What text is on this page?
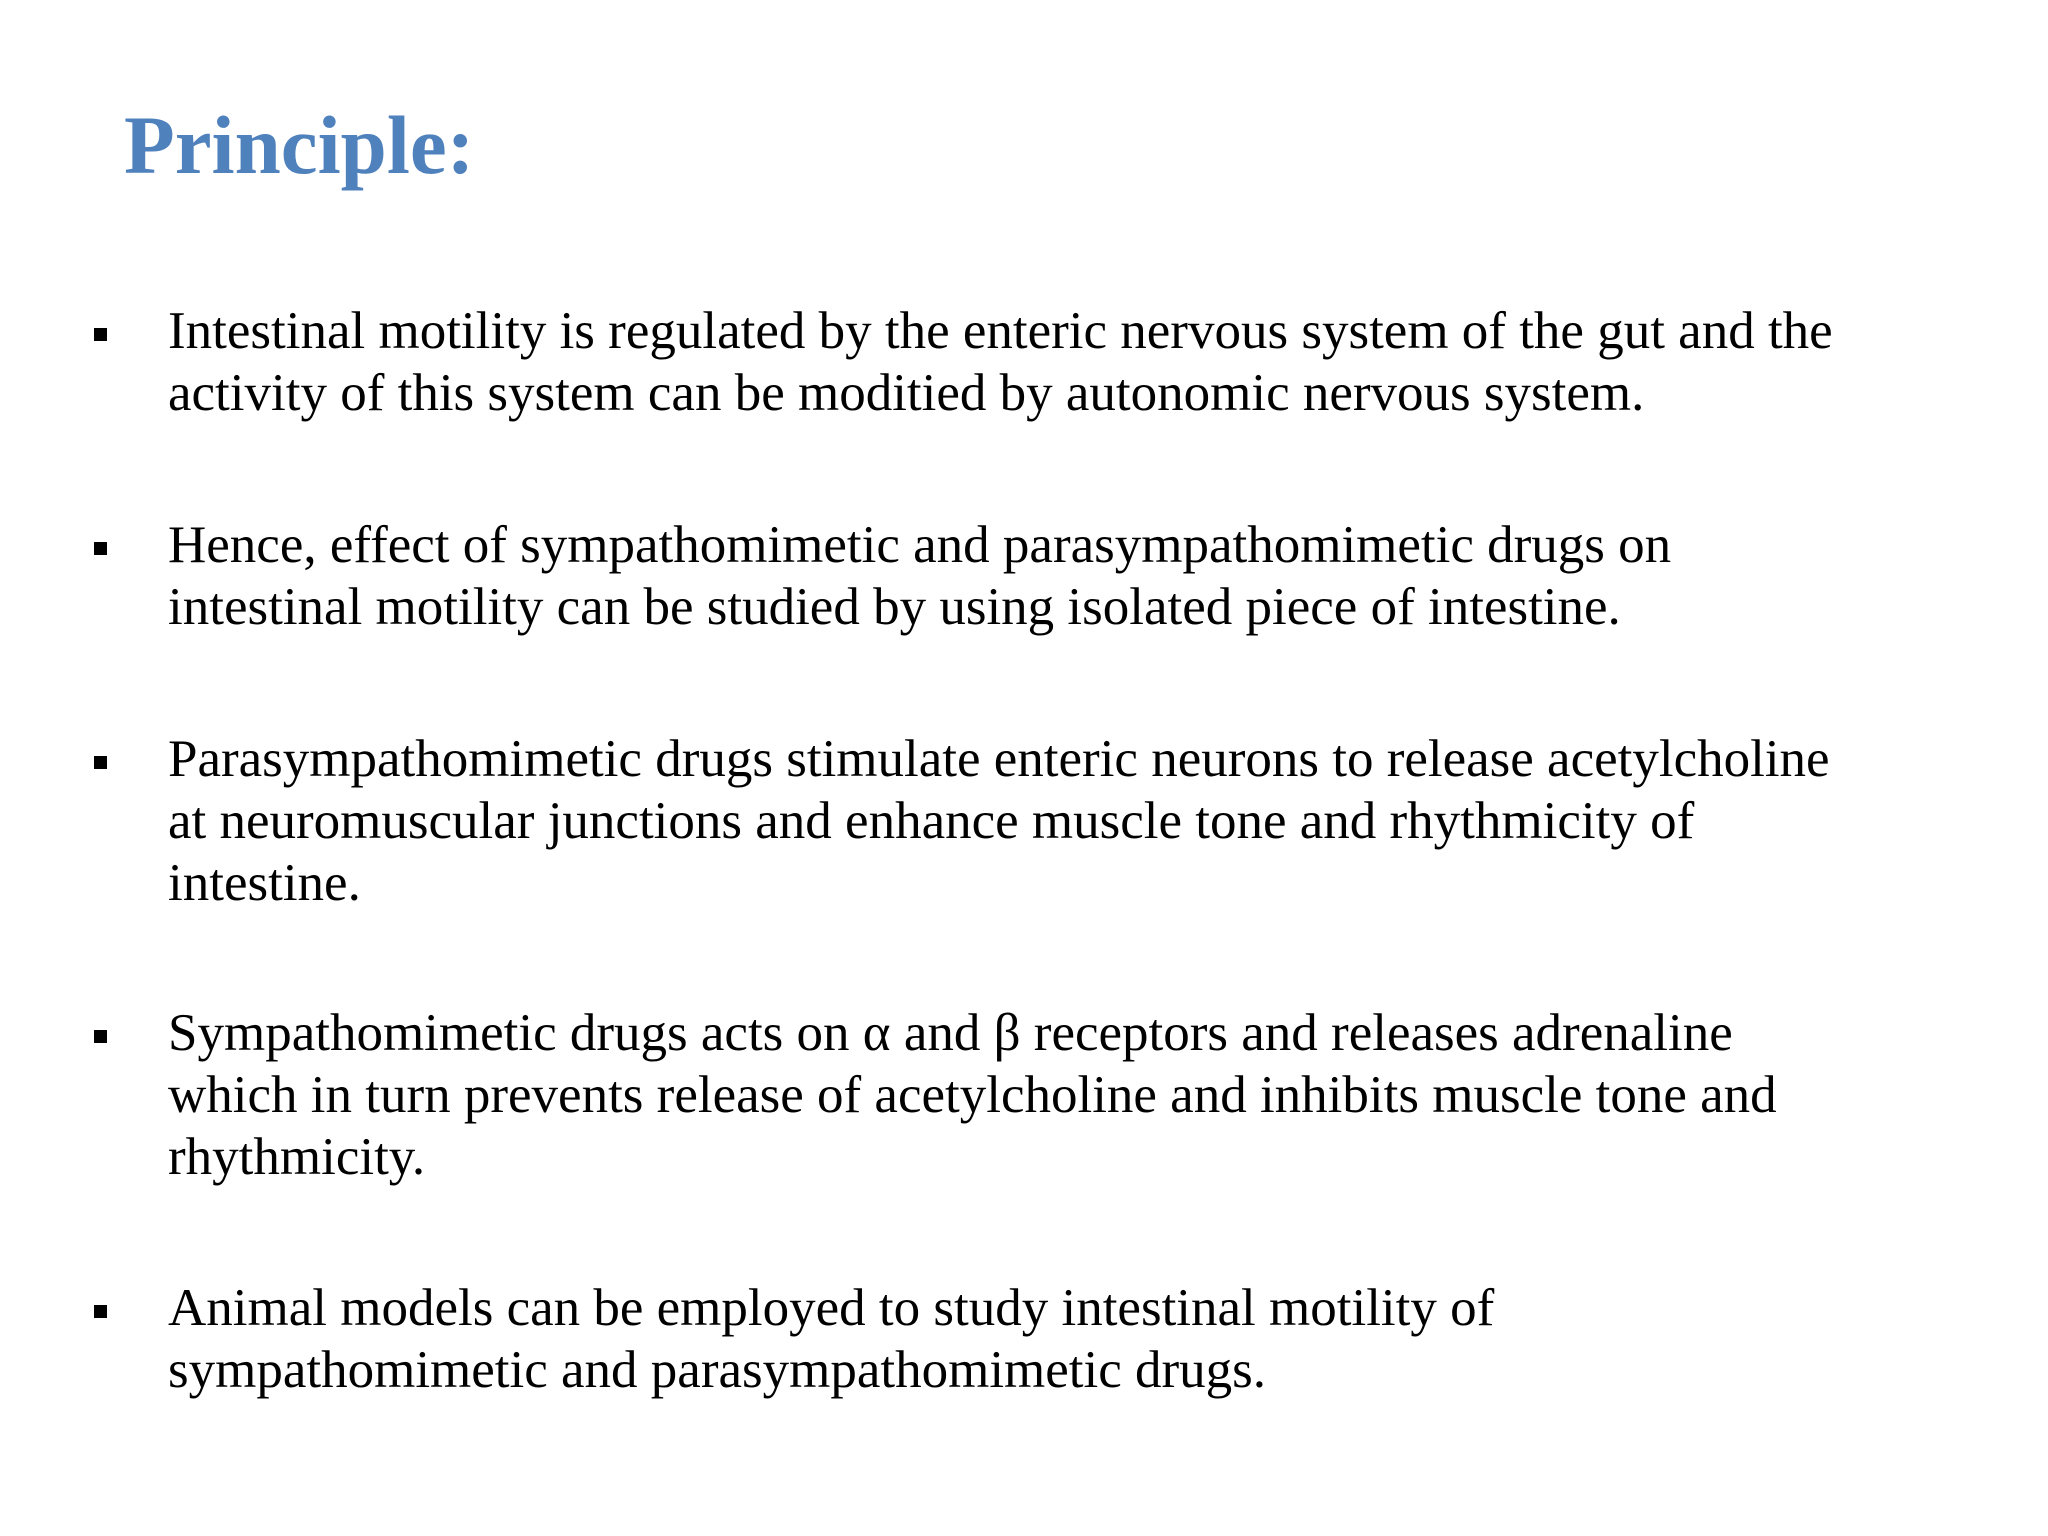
Principle:
Intestinal motility is regulated by the enteric nervous system of the gut and the
activity of this system can be moditied by autonomic nervous system.
Hence, effect of sympathomimetic and parasympathomimetic drugs on
intestinal motility can be studied by using isolated piece of intestine.
Parasympathomimetic drugs stimulate enteric neurons to release acetylcholine
at neuromuscular junctions and enhance muscle tone and rhythmicity of
intestine.
Sympathomimetic drugs acts on α and β receptors and releases adrenaline
which in turn prevents release of acetylcholine and inhibits muscle tone and
rhythmicity.
Animal models can be employed to study intestinal motility of
sympathomimetic and parasympathomimetic drugs.
